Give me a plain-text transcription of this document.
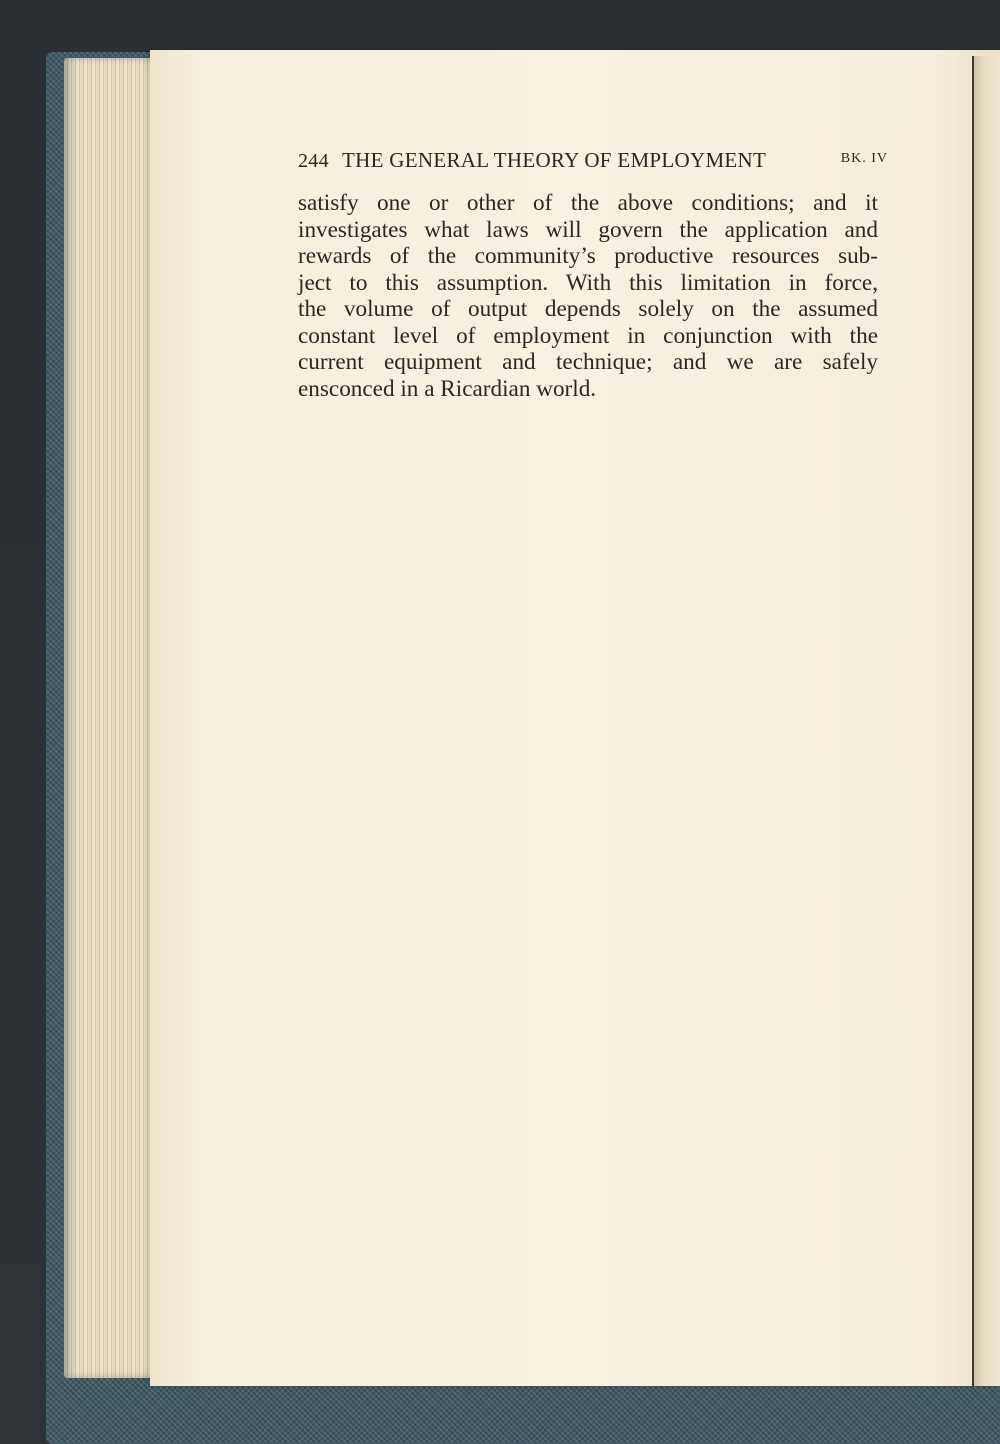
244 THE GENERAL THEORY OF EMPLOYMENT	BK. IV
satisfy one or other of the above conditions; and it
investigates what laws will govern the application and
rewards of the community’s productive resources sub-
ject to this assumption. With this limitation in force,
the volume of output depends solely on the assumed
constant level of employment in conjunction with the
current equipment and technique; and we are safely
ensconced in a Ricardian world.
